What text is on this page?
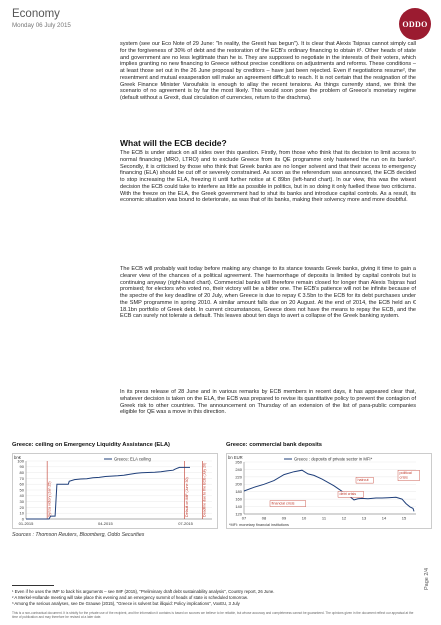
Economy
Monday 06 July 2015	ODDO

system (see our Eco Note of 29 June: "In reality, the Grexit has begun"). It is clear that Alexis Tsipras cannot simply call for the forgiveness of 30% of debt and the restoration of the ECB's ordinary financing to obtain it¹. Other heads of state and government are no less legitimate than he is. They are supposed to negotiate in the interests of their voters, which implies granting no new financing to Greece without precise conditions on adjustments and reforms. These conditions – at least those set out in the 26 June proposal by creditors – have just been rejected. Even if negotiations resume², the resentment and mutual exasperation will make an agreement difficult to reach. It is not certain that the resignation of the Greek Finance Minister Varoufakis is enough to allay the recent tensions. As things currently stand, we think the scenario of no agreement is by far the most likely. This would soon pose the problem of Greece's monetary regime (default without a Grexit, dual circulation of currencies, return to the drachma).

What will the ECB decide?

The ECB is under attack on all sides over this question. Firstly, from those who think that its decision to limit access to normal financing (MRO, LTRO) and to exclude Greece from its QE programme only hastened the run on its banks³. Secondly, it is criticised by those who think that Greek banks are no longer solvent and that their access to emergency financing (ELA) should be cut off or severely constrained. As soon as the referendum was announced, the ECB decided to stop increasing the ELA, freezing it until further notice at € 89bn (left-hand chart). In our view, this was the wisest decision the ECB could take to interfere as little as possible in politics, but in so doing it only fuelled these two criticisms. With the freeze on the ELA, the Greek government had to shut its banks and introduce capital controls. As a result, its economic situation was bound to deteriorate, as was that of its banks, making their solvency more and more doubtful.

The ECB will probably wait today before making any change to its stance towards Greek banks, giving it time to gain a clearer view of the chances of a political agreement. The haemorrhage of deposits is limited by capital controls but is continuing anyway (right-hand chart). Commercial banks will therefore remain closed for longer than Alexis Tsipras had promised; for electors who voted no, their victory will be a bitter one. The ECB's patience will not be infinite because of the spectre of the key deadline of 20 July, when Greece is due to repay € 3.5bn to the ECB for its debt purchases under the SMP programme in spring 2010. A similar amount falls due on 20 August. At the end of 2014, the ECB held an € 18.1bn portfolio of Greek debt. In current circumstances, Greece does not have the means to repay the ECB, and the ECB can surely not tolerate a default. This leaves about ten days to avert a collapse of the Greek banking system.

In its press release of 28 June and in various remarks by ECB members in recent days, it has appeared clear that, whatever decision is taken on the ELA, the ECB was prepared to revise its quantitative policy to prevent the contagion of Greek risk to other countries. The announcement on Thursday of an extension of the list of para-public companies eligible for QE was a move in this direction.

Greece: ceiling on Emergency Liquidity Assistance (ELA)	Greece: commercial bank deposits
bn€
0
10
20
30
40
50
60
70
80
90
100
01-2015	04-2015	07-2015
Syriza victory (Jan 25)	Default on IMF (June 30)	Deadline due to the ECB (July 20)
Greece: ELA ceiling	bn EUR
120
140
160
180
200
220
240
260
07	08	09	10	11	12	13	14	15
financial crisis
debt crisis
haircut
political
crisis
Greece : deposits of private sector in MFI*
*MFI: monetary financial institutions
Sources : Thomson Reuters, Bloomberg, Oddo Securities
¹ Even if he uses the IMF to back his arguments – see IMF (2015), "Preliminary draft debt sustainability analysis", Country report, 26 June.
² A Merkel-Hollande meeting will take place this evening and an emergency summit of heads of state is scheduled tomorrow.
³ Among the serious analyses, see De Grauwe (2015), "Greece is solvent but illiquid: Policy implications", VoxEU, 3 July
This is a non-contractual document. It is strictly for the private use of the recipient, and the information it contains is based on sources we believe to be reliable, but whose accuracy and completeness cannot be guaranteed. The opinions given in the document reflect our appraisal at the time of publication and may therefore be revised at a later date.
Page 2/4
